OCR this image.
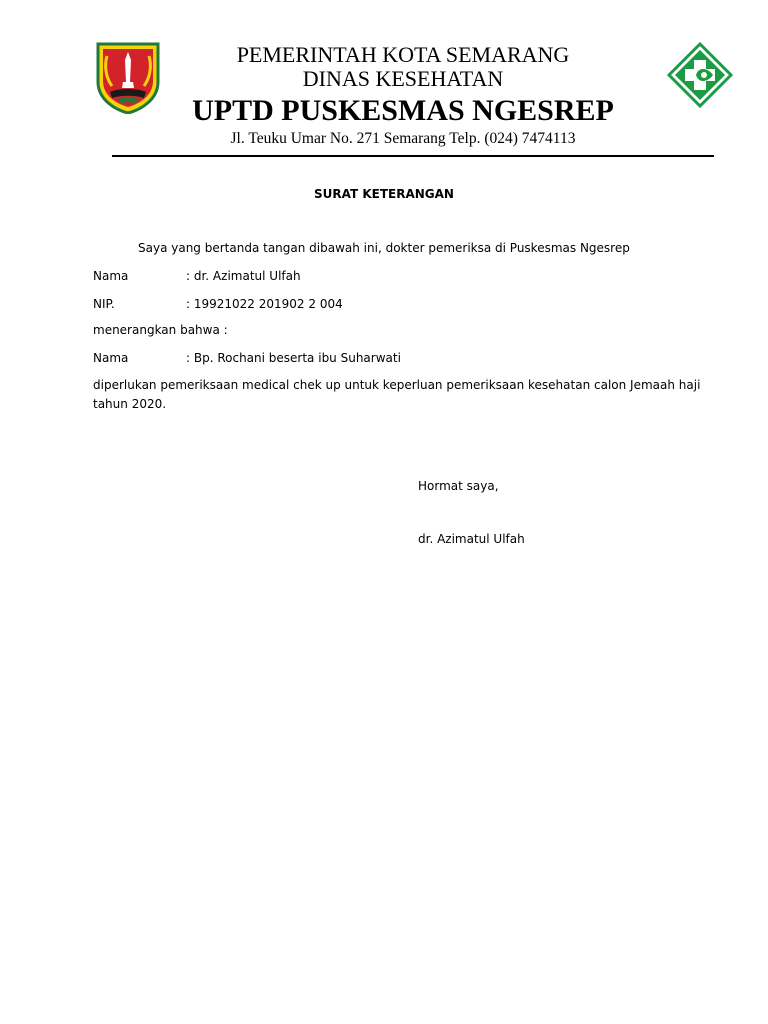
PEMERINTAH KOTA SEMARANG
DINAS KESEHATAN
UPTD PUSKESMAS NGESREP
Jl. Teuku Umar No. 271 Semarang Telp. (024) 7474113
SURAT KETERANGAN
Saya yang bertanda tangan dibawah ini, dokter pemeriksa di Puskesmas Ngesrep
Nama	: dr. Azimatul Ulfah
NIP.	: 19921022 201902 2 004
menerangkan bahwa :
Nama	: Bp. Rochani beserta ibu Suharwati
diperlukan pemeriksaan medical chek up untuk keperluan pemeriksaan kesehatan calon Jemaah haji
tahun 2020.
Hormat saya,
dr. Azimatul Ulfah
